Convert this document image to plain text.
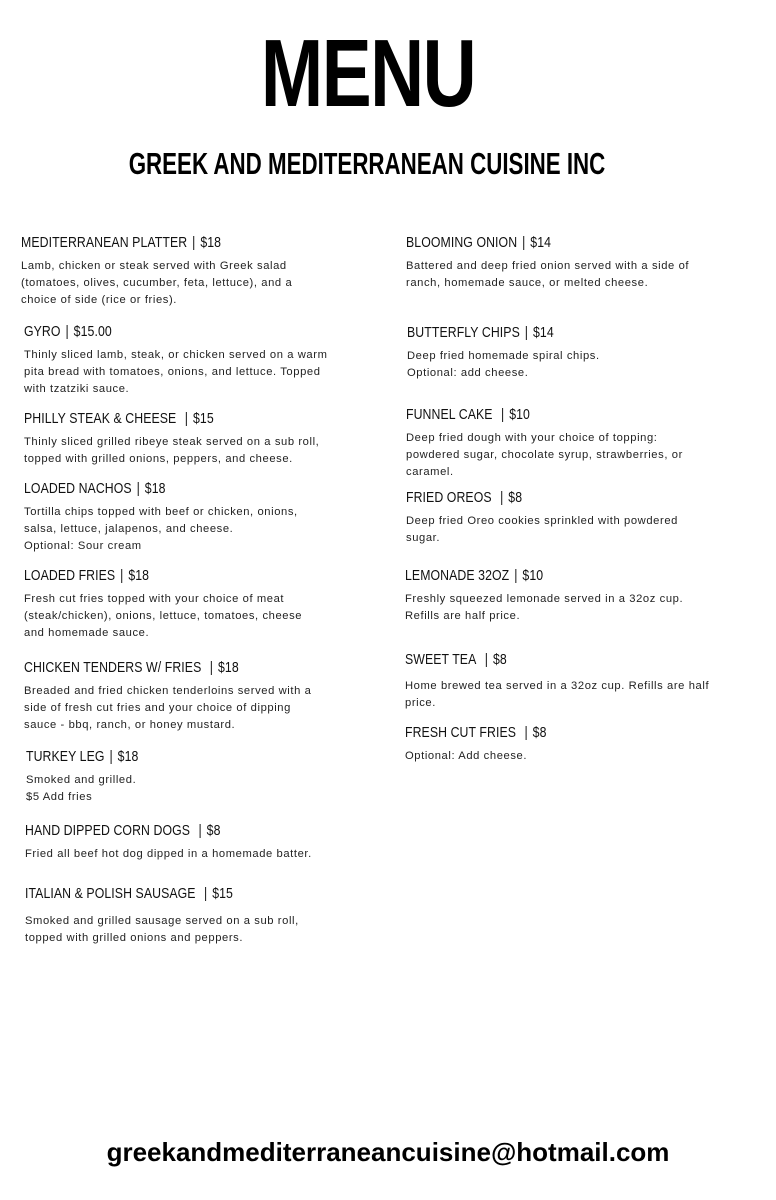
MENU
GREEK AND MEDITERRANEAN CUISINE INC
MEDITERRANEAN PLATTER | $18
Lamb, chicken or steak served with Greek salad
(tomatoes, olives, cucumber, feta, lettuce), and a
choice of side (rice or fries).
GYRO | $15.00
Thinly sliced lamb, steak, or chicken served on a warm
pita bread with tomatoes, onions, and lettuce. Topped
with tzatziki sauce.
PHILLY STEAK & CHEESE | $15
Thinly sliced grilled ribeye steak served on a sub roll,
topped with grilled onions, peppers, and cheese.
LOADED NACHOS | $18
Tortilla chips topped with beef or chicken, onions,
salsa, lettuce, jalapenos, and cheese.
Optional: Sour cream
LOADED FRIES | $18
Fresh cut fries topped with your choice of meat
(steak/chicken), onions, lettuce, tomatoes, cheese
and homemade sauce.
CHICKEN TENDERS W/ FRIES | $18
Breaded and fried chicken tenderloins served with a
side of fresh cut fries and your choice of dipping
sauce - bbq, ranch, or honey mustard.
TURKEY LEG | $18
Smoked and grilled.
$5 Add fries
HAND DIPPED CORN DOGS | $8
Fried all beef hot dog dipped in a homemade batter.
ITALIAN & POLISH SAUSAGE | $15
Smoked and grilled sausage served on a sub roll,
topped with grilled onions and peppers.
BLOOMING ONION | $14
Battered and deep fried onion served with a side of
ranch, homemade sauce, or melted cheese.
BUTTERFLY CHIPS | $14
Deep fried homemade spiral chips.
Optional: add cheese.
FUNNEL CAKE | $10
Deep fried dough with your choice of topping:
powdered sugar, chocolate syrup, strawberries, or
caramel.
FRIED OREOS | $8
Deep fried Oreo cookies sprinkled with powdered
sugar.
LEMONADE 32OZ | $10
Freshly squeezed lemonade served in a 32oz cup.
Refills are half price.
SWEET TEA | $8
Home brewed tea served in a 32oz cup. Refills are half
price.
FRESH CUT FRIES | $8
Optional: Add cheese.
greekandmediterraneancuisine@hotmail.com
